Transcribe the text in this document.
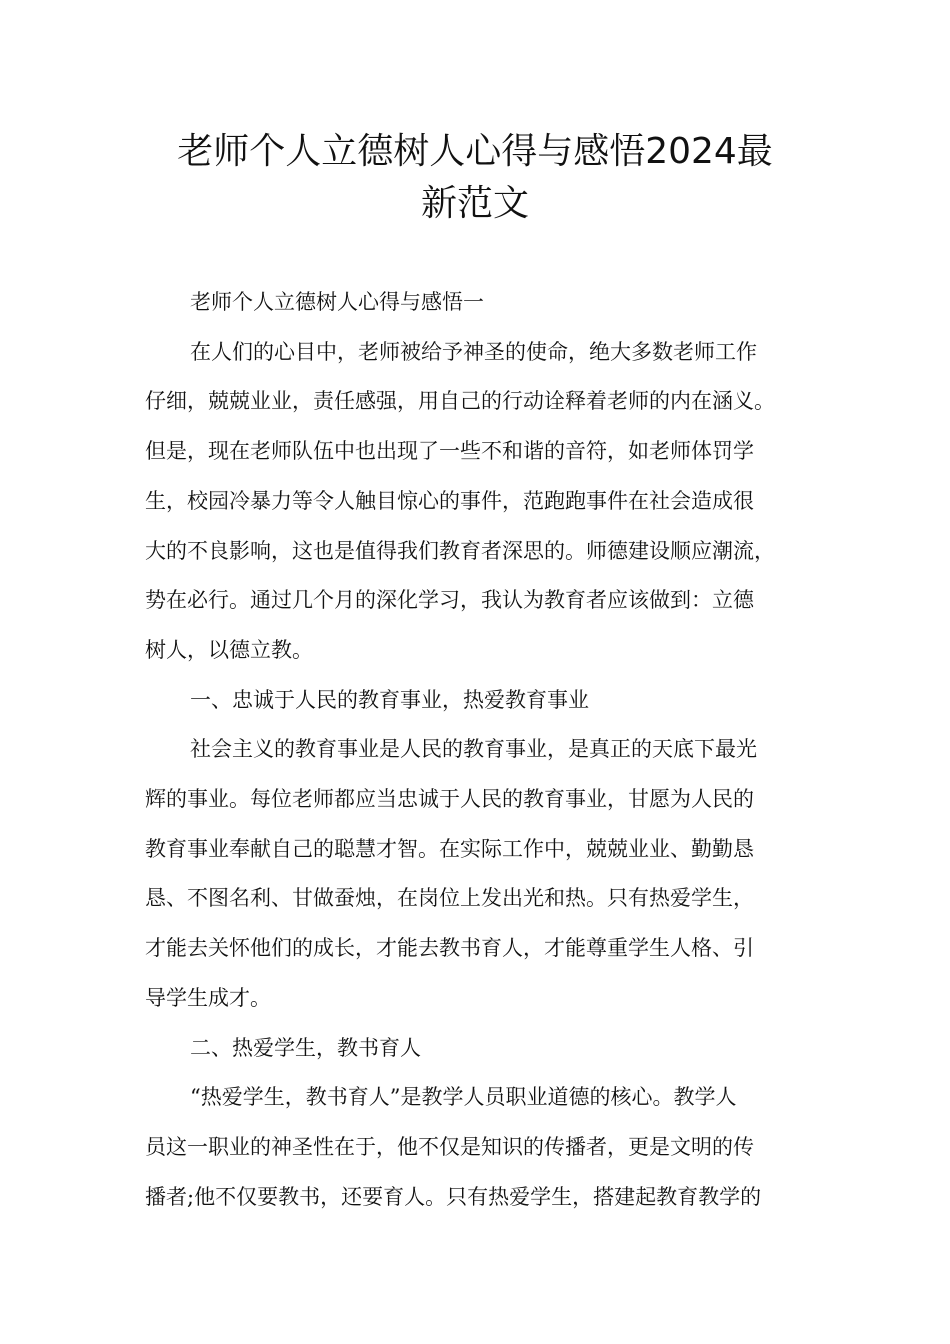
老师个人立德树人心得与感悟2024最
新范文

老师个人立德树人心得与感悟一

在人们的心目中，老师被给予神圣的使命，绝大多数老师工作
仔细，兢兢业业，责任感强，用自己的行动诠释着老师的内在涵义。
但是，现在老师队伍中也出现了一些不和谐的音符，如老师体罚学
生，校园冷暴力等令人触目惊心的事件，范跑跑事件在社会造成很
大的不良影响，这也是值得我们教育者深思的。师德建设顺应潮流，
势在必行。通过几个月的深化学习，我认为教育者应该做到：立德
树人，以德立教。

一、忠诚于人民的教育事业，热爱教育事业

社会主义的教育事业是人民的教育事业，是真正的天底下最光
辉的事业。每位老师都应当忠诚于人民的教育事业，甘愿为人民的
教育事业奉献自己的聪慧才智。在实际工作中，兢兢业业、勤勤恳
恳、不图名利、甘做蚕烛，在岗位上发出光和热。只有热爱学生，
才能去关怀他们的成长，才能去教书育人，才能尊重学生人格、引
导学生成才。

二、热爱学生，教书育人

“热爱学生，教书育人”是教学人员职业道德的核心。教学人
员这一职业的神圣性在于，他不仅是知识的传播者，更是文明的传
播者;他不仅要教书，还要育人。只有热爱学生，搭建起教育教学的
